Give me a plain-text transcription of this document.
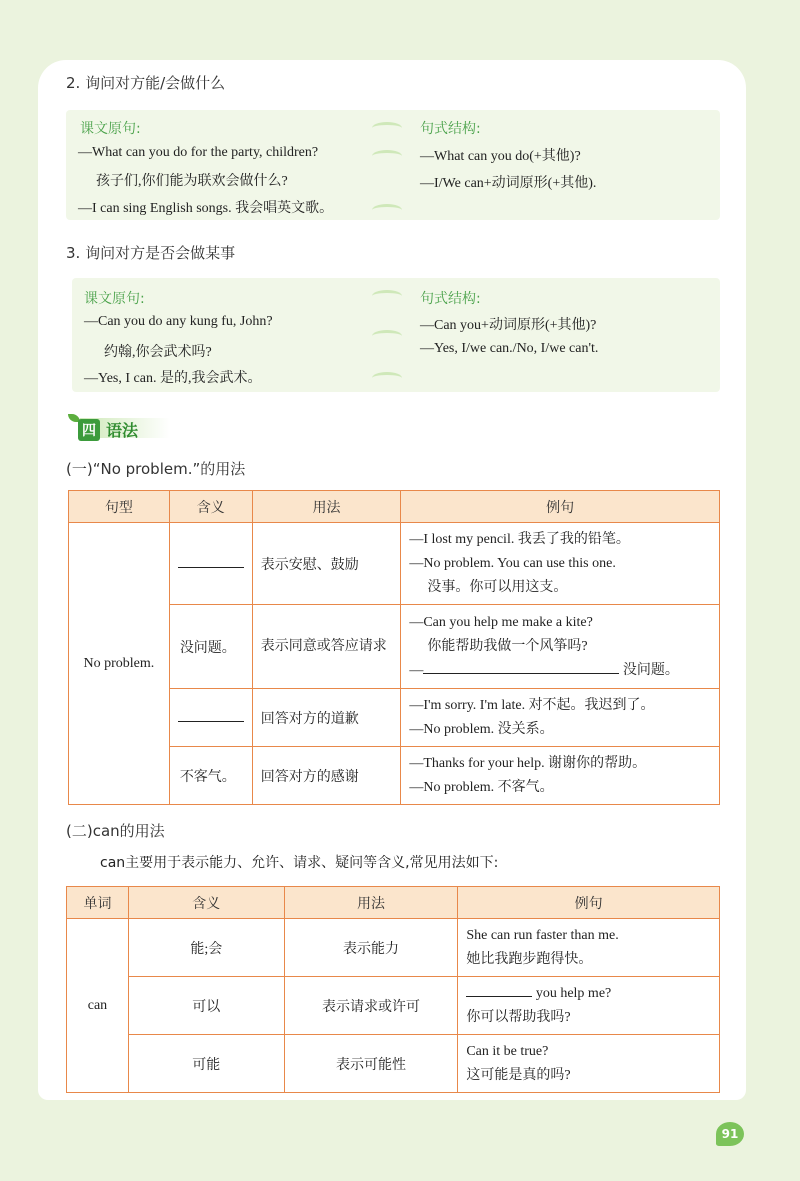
2. 询问对方能/会做什么
课文原句:	句式结构:
—What can you do for the party, children?
孩子们,你们能为联欢会做什么?
—I can sing English songs. 我会唱英文歌。
—What can you do(+其他)?
—I/We can+动词原形(+其他).
3. 询问对方是否会做某事
课文原句:	句式结构:
—Can you do any kung fu, John?
约翰,你会武术吗?
—Yes, I can. 是的,我会武术。
—Can you+动词原形(+其他)?
—Yes, I/we can./No, I/we can't.
四 语法
(一)“No problem.”的用法
句型	含义	用法	例句
No problem.		表示安慰、鼓励	—I lost my pencil. 我丢了我的铅笔。
—No problem. You can use this one.
没事。你可以用这支。

	没问题。	表示同意或答应请求	—Can you help me make a kite?
你能帮助我做一个风筝吗?
— 没问题。

		回答对方的道歉	—I'm sorry. I'm late. 对不起。我迟到了。
—No problem. 没关系。

	不客气。	回答对方的感谢	—Thanks for your help. 谢谢你的帮助。
—No problem. 不客气。
(二)can的用法
can主要用于表示能力、允许、请求、疑问等含义,常见用法如下:
单词	含义	用法	例句
can	能;会	表示能力	She can run faster than me.
她比我跑步跑得快。

	可以	表示请求或许可	you help me?
你可以帮助我吗?

	可能	表示可能性	Can it be true?
这可能是真的吗?
91
